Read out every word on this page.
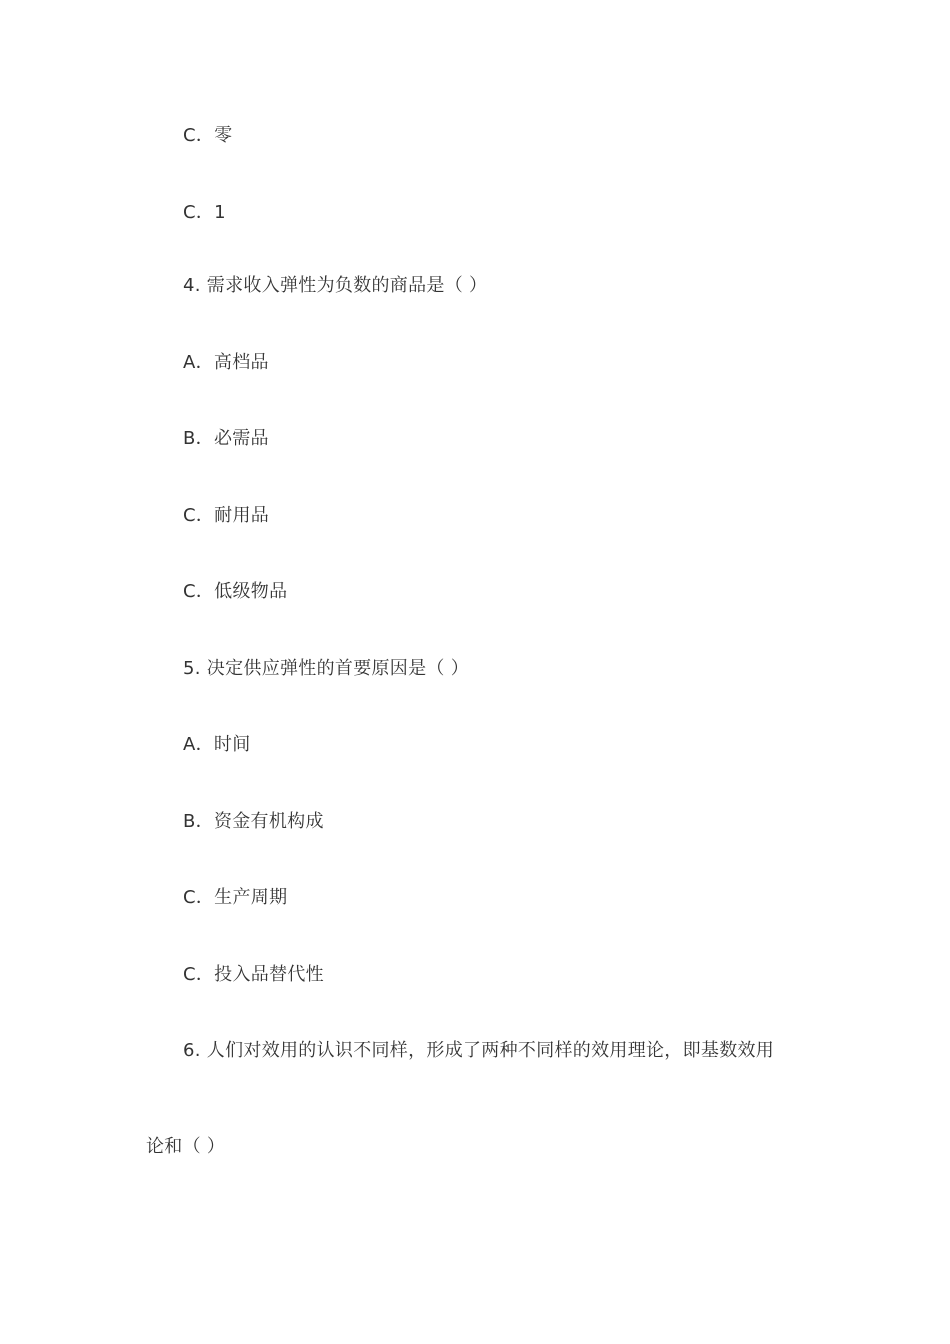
C．零
C．1
4. 需求收入弹性为负数的商品是（ ）
A．高档品
B．必需品
C．耐用品
C．低级物品
5. 决定供应弹性的首要原因是（ ）
A．时间
B．资金有机构成
C．生产周期
C．投入品替代性
6. 人们对效用的认识不同样，形成了两种不同样的效用理论，即基数效用
论和（ ）
